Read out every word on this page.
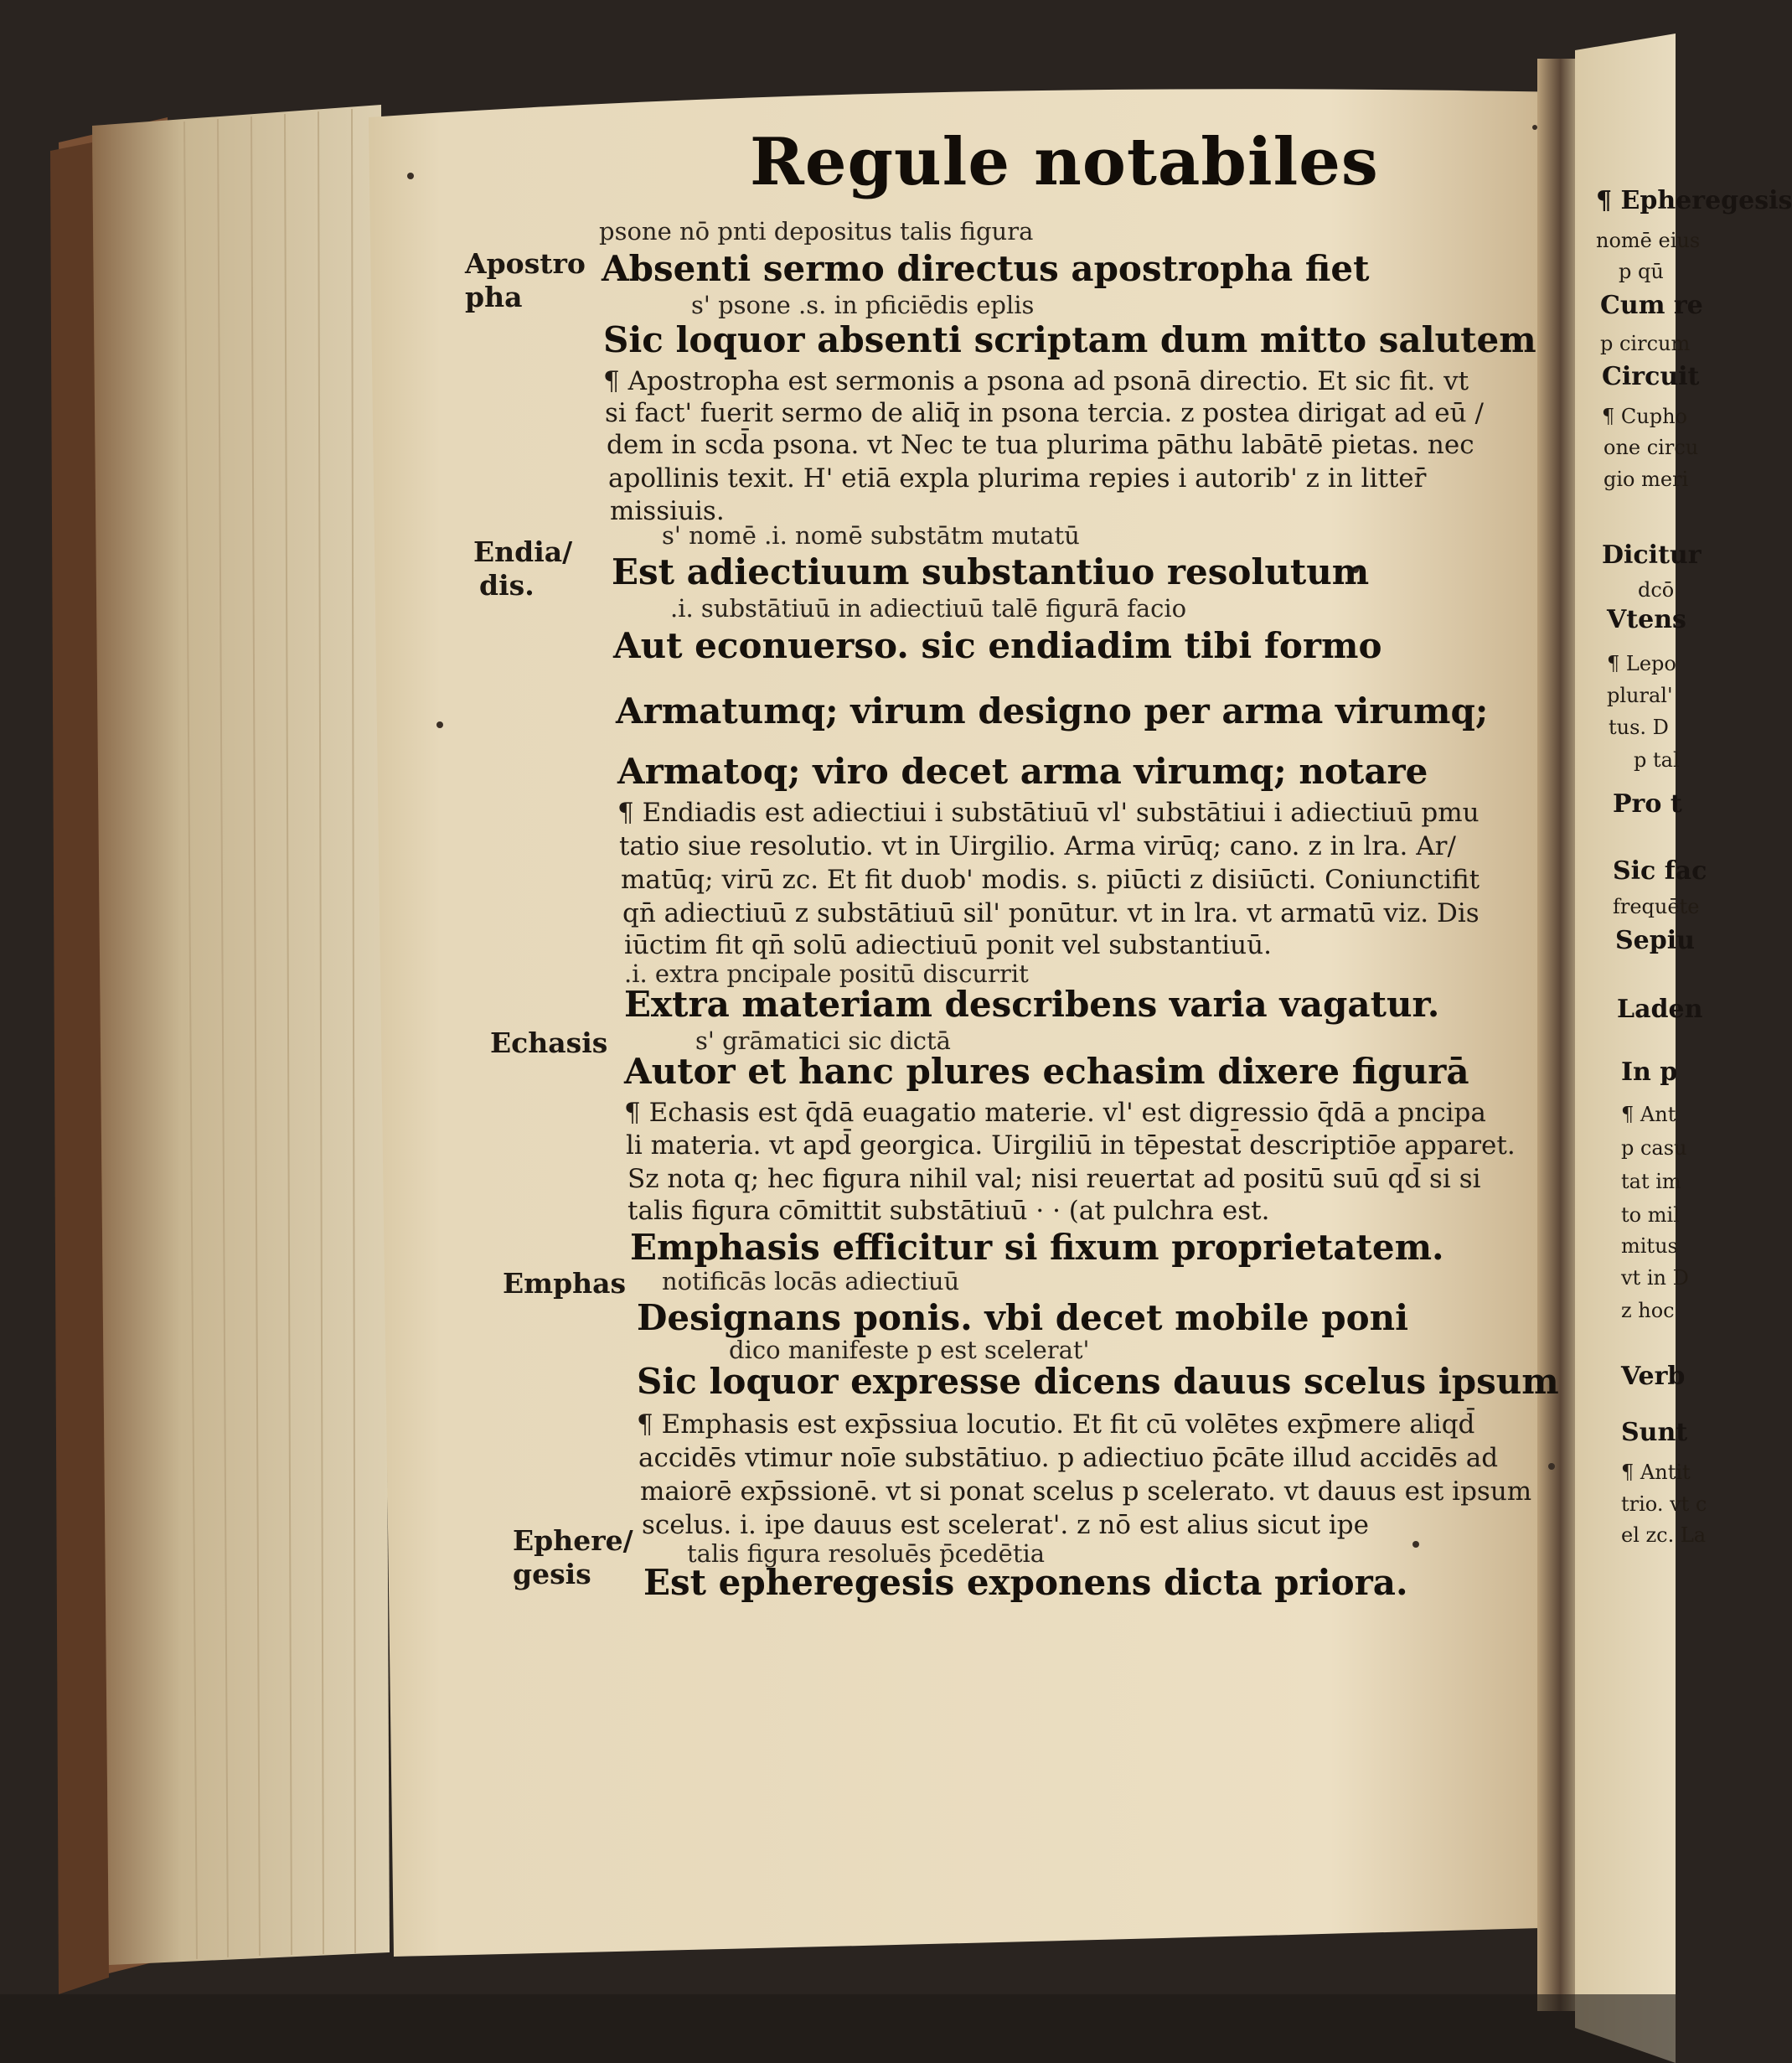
Regule notabiles
Apostro
pha
Endia/
dis.
Echasis
Emphas
Ephere/
gesis
psone nō pnti depositus talis figura
Absenti sermo directus apostropha fiet
s' psone .s. in pficiēdis eplis
Sic loquor absenti scriptam dum mitto salutem
¶ Apostropha est sermonis a psona ad psonā directio. Et sic fit. vt
si fact' fuerit sermo de aliq̄ in psona tercia. z postea dirigat ad eū /
dem in scd̄a psona. vt Nec te tua plurima pāthu labātē pietas. nec
apollinis texit. H' etiā expla plurima repies i autorib' z in litter̄
missiuis.
s' nomē .i. nomē substātm mutatū
Est adiectiuum substantiuo resolutum
.i. substātiuū in adiectiuū talē figurā facio
Aut econuerso. sic endiadim tibi formo
Armatumq; virum designo per arma virumq;
Armatoq; viro decet arma virumq; notare
¶ Endiadis est adiectiui i substātiuū vl' substātiui i adiectiuū pmu
tatio siue resolutio. vt in Uirgilio. Arma virūq; cano. z in lra. Ar/
matūq; virū zc. Et fit duob' modis. s. piūcti z disiūcti. Coniunctifit
qn̄ adiectiuū z substātiuū sil' ponūtur. vt in lra. vt armatū viz. Dis
iūctim fit qn̄ solū adiectiuū ponit vel substantiuū.
.i. extra pncipale positū discurrit
Extra materiam describens varia vagatur.
s' grāmatici sic dictā
Autor et hanc plures echasim dixere figurā
¶ Echasis est q̄dā euagatio materie. vl' est digressio q̄dā a pncipa
li materia. vt apd̄ georgica. Uirgiliū in tēpestat̄ descriptiōe apparet.
Sz nota q; hec figura nihil val; nisi reuertat ad positū suū qd̄ si si
talis figura cōmittit substātiuū · · (at pulchra est.
Emphasis efficitur si fixum proprietatem.
notificās locās adiectiuū
Designans ponis. vbi decet mobile poni
dico manifeste p est scelerat'
Sic loquor expresse dicens dauus scelus ipsum
¶ Emphasis est exp̄ssiua locutio. Et fit cū volētes exp̄mere aliqd̄
accidēs vtimur noīe substātiuo. p adiectiuo p̄cāte illud accidēs ad
maiorē exp̄ssionē. vt si ponat scelus p scelerato. vt dauus est ipsum
scelus. i. ipe dauus est scelerat'. z nō est alius sicut ipe
talis figura resoluēs p̄cedētia
Est epheregesis exponens dicta priora.
¶ Epheregesis
nomē eius
p qū
Cum re
p circum
Circuit
¶ Cupho
one circu
gio meri
Dicitur
dcō
Vtens
¶ Lepo
plural'
tus. D
p tal
Pro t
Sic fac
frequēte
Sepiu
Laden
In p
¶ Ant
p casu
tat im
to mil
mitus
vt in D
z hoc
Verb
Sunt
¶ Antit
trio. vt c
el zc. La
